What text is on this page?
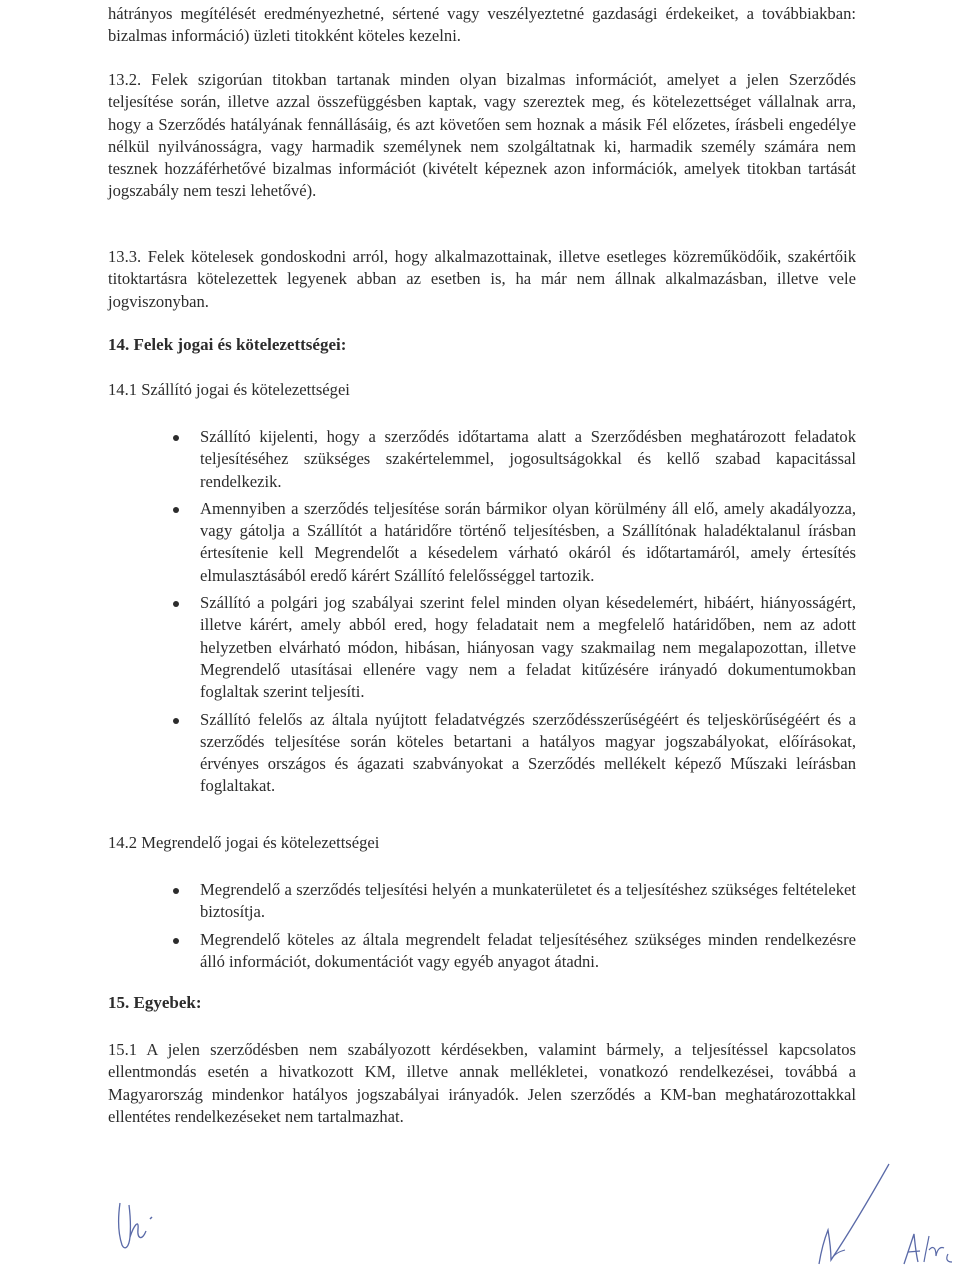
hátrányos megítélését eredményezhetné, sértené vagy veszélyeztetné gazdasági érdekeiket, a továbbiakban: bizalmas információ) üzleti titokként köteles kezelni.

13.2. Felek szigorúan titokban tartanak minden olyan bizalmas információt, amelyet a jelen Szerződés teljesítése során, illetve azzal összefüggésben kaptak, vagy szereztek meg, és kötelezettséget vállalnak arra, hogy a Szerződés hatályának fennállásáig, és azt követően sem hoznak a másik Fél előzetes, írásbeli engedélye nélkül nyilvánosságra, vagy harmadik személynek nem szolgáltatnak ki, harmadik személy számára nem tesznek hozzáférhetővé bizalmas információt (kivételt képeznek azon információk, amelyek titokban tartását jogszabály nem teszi lehetővé).

13.3. Felek kötelesek gondoskodni arról, hogy alkalmazottainak, illetve esetleges közreműködőik, szakértőik titoktartásra kötelezettek legyenek abban az esetben is, ha már nem állnak alkalmazásban, illetve vele jogviszonyban.

14. Felek jogai és kötelezettségei:
14.1 Szállító jogai és kötelezettségei
Szállító kijelenti, hogy a szerződés időtartama alatt a Szerződésben meghatározott feladatok teljesítéséhez szükséges szakértelemmel, jogosultságokkal és kellő szabad kapacitással rendelkezik.
Amennyiben a szerződés teljesítése során bármikor olyan körülmény áll elő, amely akadályozza, vagy gátolja a Szállítót a határidőre történő teljesítésben, a Szállítónak haladéktalanul írásban értesítenie kell Megrendelőt a késedelem várható okáról és időtartamáról, amely értesítés elmulasztásából eredő kárért Szállító felelősséggel tartozik.
Szállító a polgári jog szabályai szerint felel minden olyan késedelemért, hibáért, hiányosságért, illetve kárért, amely abból ered, hogy feladatait nem a megfelelő határidőben, nem az adott helyzetben elvárható módon, hibásan, hiányosan vagy szakmailag nem megalapozottan, illetve Megrendelő utasításai ellenére vagy nem a feladat kitűzésére irányadó dokumentumokban foglaltak szerint teljesíti.
Szállító felelős az általa nyújtott feladatvégzés szerződésszerűségéért és teljeskörűségéért és a szerződés teljesítése során köteles betartani a hatályos magyar jogszabályokat, előírásokat, érvényes országos és ágazati szabványokat a Szerződés mellékelt képező Műszaki leírásban foglaltakat.
14.2 Megrendelő jogai és kötelezettségei
Megrendelő a szerződés teljesítési helyén a munkaterületet és a teljesítéshez szükséges feltételeket biztosítja.
Megrendelő köteles az általa megrendelt feladat teljesítéséhez szükséges minden rendelkezésre álló információt, dokumentációt vagy egyéb anyagot átadni.
15. Egyebek:

15.1 A jelen szerződésben nem szabályozott kérdésekben, valamint bármely, a teljesítéssel kapcsolatos ellentmondás esetén a hivatkozott KM, illetve annak mellékletei, vonatkozó rendelkezései, továbbá a Magyarország mindenkor hatályos jogszabályai irányadók. Jelen szerződés a KM-ban meghatározottakkal ellentétes rendelkezéseket nem tartalmazhat.
